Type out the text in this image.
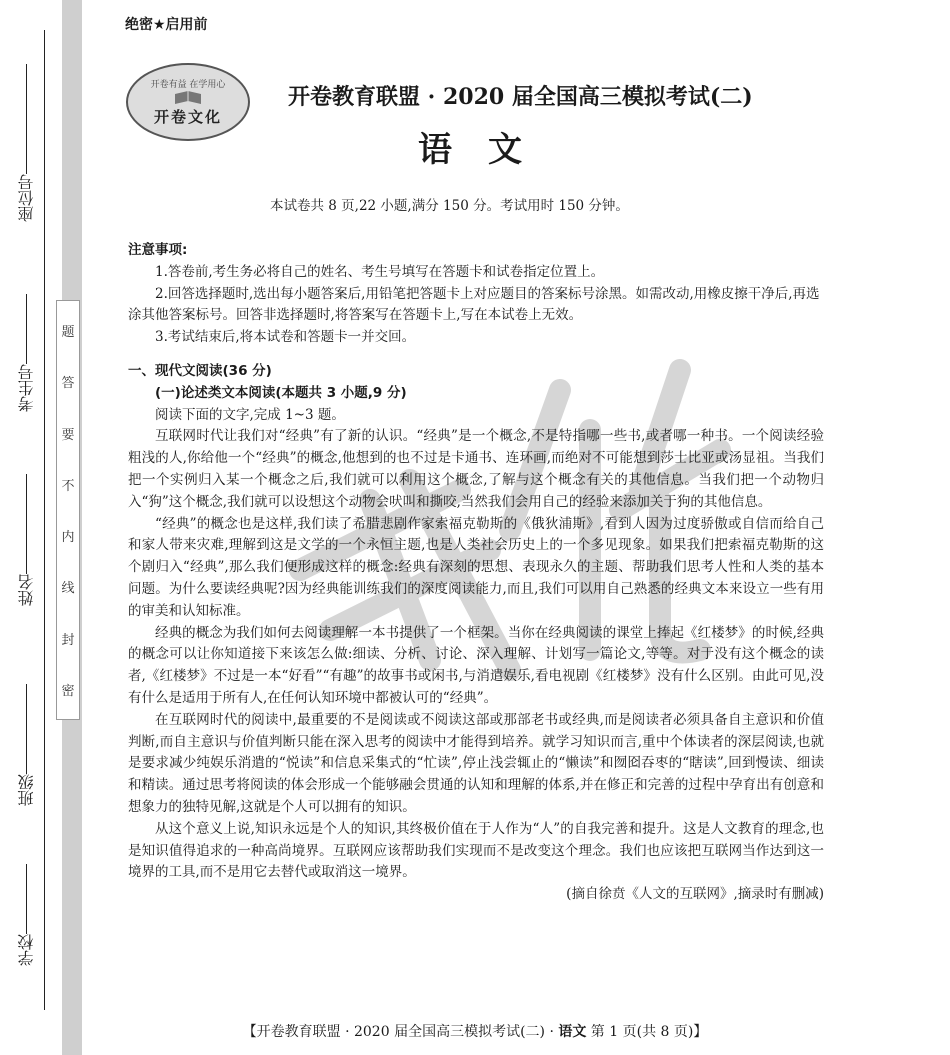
题
答
要
不
内
线
封
密
座位号
考生号
姓名
班级
学校
绝密★启用前
开卷有益 在学用心
开卷文化
开卷教育联盟 · 2020 届全国高三模拟考试(二)
语文
本试卷共 8 页,22 小题,满分 150 分。考试用时 150 分钟。
注意事项:
1.答卷前,考生务必将自己的姓名、考生号填写在答题卡和试卷指定位置上。
2.回答选择题时,选出每小题答案后,用铅笔把答题卡上对应题目的答案标号涂黑。如需改动,用橡皮擦干净后,再选涂其他答案标号。回答非选择题时,将答案写在答题卡上,写在本试卷上无效。
3.考试结束后,将本试卷和答题卡一并交回。
一、现代文阅读(36 分)
(一)论述类文本阅读(本题共 3 小题,9 分)
阅读下面的文字,完成 1~3 题。
互联网时代让我们对“经典”有了新的认识。“经典”是一个概念,不是特指哪一些书,或者哪一种书。一个阅读经验粗浅的人,你给他一个“经典”的概念,他想到的也不过是卡通书、连环画,而绝对不可能想到莎士比亚或汤显祖。当我们把一个实例归入某一个概念之后,我们就可以利用这个概念,了解与这个概念有关的其他信息。当我们把一个动物归入“狗”这个概念,我们就可以设想这个动物会吠叫和撕咬,当然我们会用自己的经验来添加关于狗的其他信息。
“经典”的概念也是这样,我们读了希腊悲剧作家索福克勒斯的《俄狄浦斯》,看到人因为过度骄傲或自信而给自己和家人带来灾难,理解到这是文学的一个永恒主题,也是人类社会历史上的一个多见现象。如果我们把索福克勒斯的这个剧归入“经典”,那么我们便形成这样的概念:经典有深刻的思想、表现永久的主题、帮助我们思考人性和人类的基本问题。为什么要读经典呢?因为经典能训练我们的深度阅读能力,而且,我们可以用自己熟悉的经典文本来设立一些有用的审美和认知标准。
经典的概念为我们如何去阅读理解一本书提供了一个框架。当你在经典阅读的课堂上捧起《红楼梦》的时候,经典的概念可以让你知道接下来该怎么做:细读、分析、讨论、深入理解、计划写一篇论文,等等。对于没有这个概念的读者,《红楼梦》不过是一本“好看”“有趣”的故事书或闲书,与消遣娱乐,看电视剧《红楼梦》没有什么区别。由此可见,没有什么是适用于所有人,在任何认知环境中都被认可的“经典”。
在互联网时代的阅读中,最重要的不是阅读或不阅读这部或那部老书或经典,而是阅读者必须具备自主意识和价值判断,而自主意识与价值判断只能在深入思考的阅读中才能得到培养。就学习知识而言,重中个体读者的深层阅读,也就是要求减少纯娱乐消遣的“悦读”和信息采集式的“忙读”,停止浅尝辄止的“懒读”和囫囵吞枣的“瞎读”,回到慢读、细读和精读。通过思考将阅读的体会形成一个能够融会贯通的认知和理解的体系,并在修正和完善的过程中孕育出有创意和想象力的独特见解,这就是个人可以拥有的知识。
从这个意义上说,知识永远是个人的知识,其终极价值在于人作为“人”的自我完善和提升。这是人文教育的理念,也是知识值得追求的一种高尚境界。互联网应该帮助我们实现而不是改变这个理念。我们也应该把互联网当作达到这一境界的工具,而不是用它去替代或取消这一境界。
(摘自徐贲《人文的互联网》,摘录时有删减)
【开卷教育联盟 · 2020 届全国高三模拟考试(二) · 语文 第 1 页(共 8 页)】
